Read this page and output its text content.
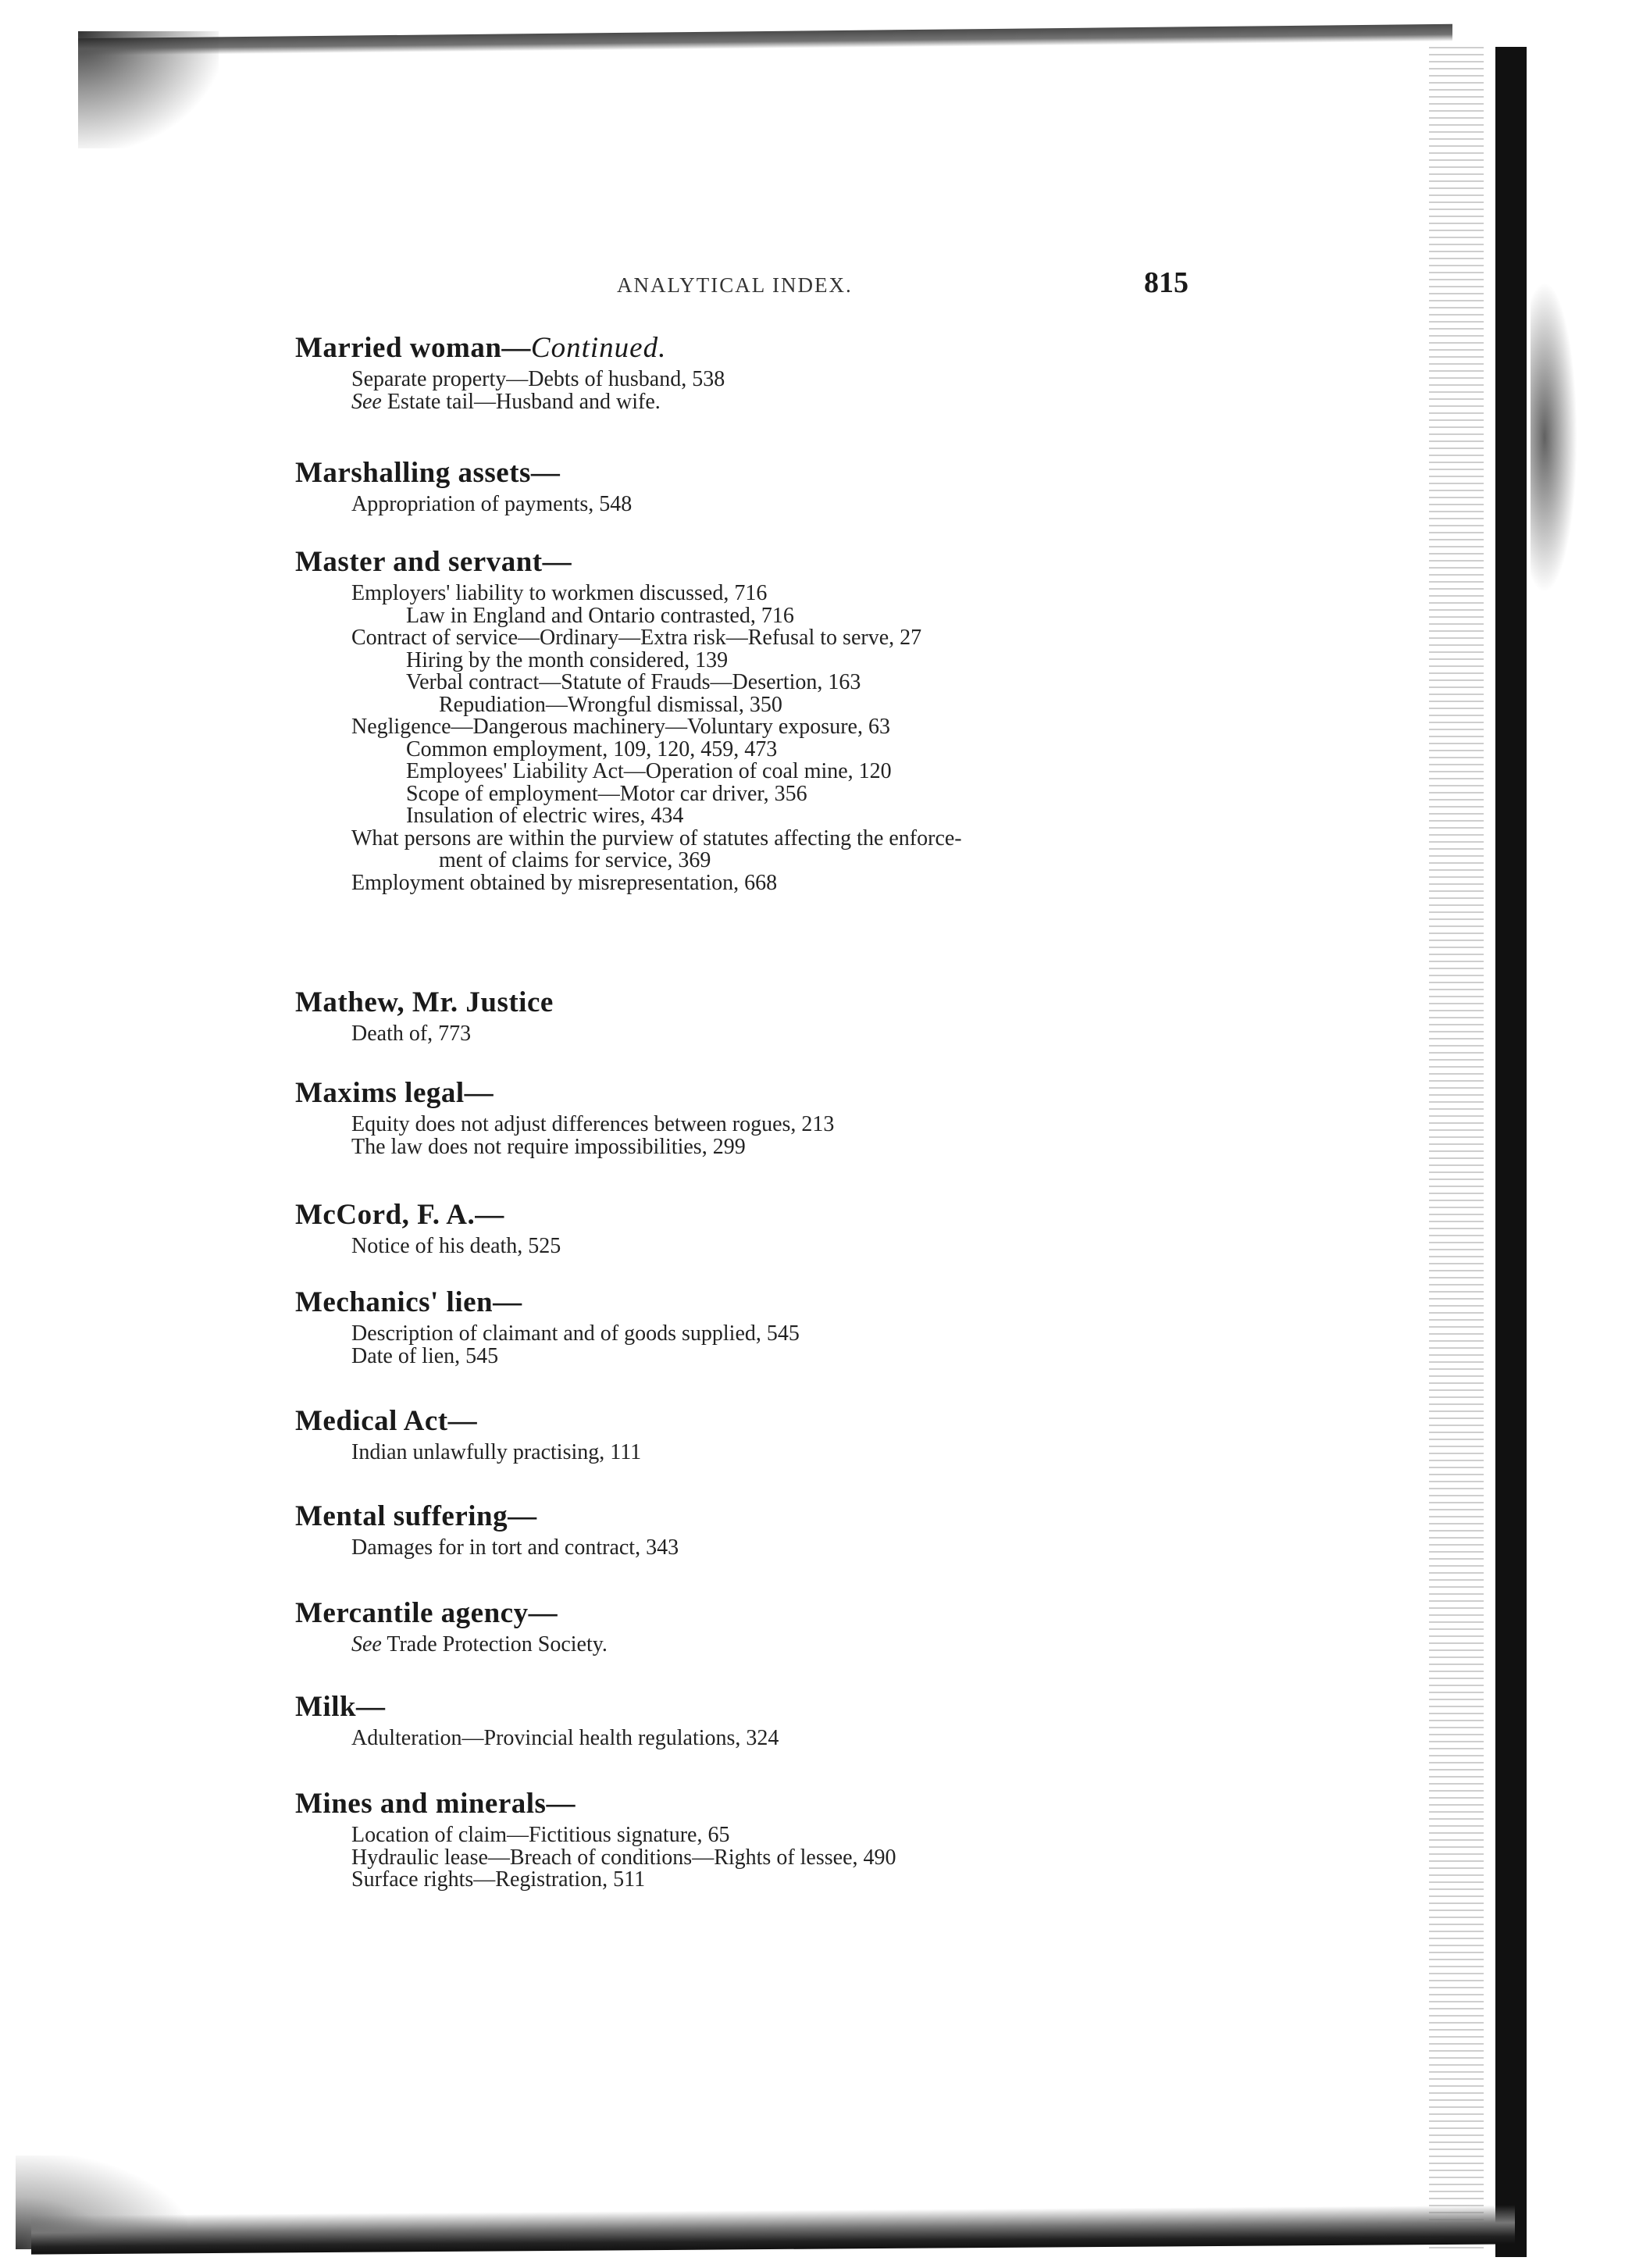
ANALYTICAL INDEX.	815
Married woman—Continued.
Separate property—Debts of husband, 538
See Estate tail—Husband and wife.
Marshalling assets—
Appropriation of payments, 548
Master and servant—
Employers' liability to workmen discussed, 716
Law in England and Ontario contrasted, 716
Contract of service—Ordinary—Extra risk—Refusal to serve, 27
Hiring by the month considered, 139
Verbal contract—Statute of Frauds—Desertion, 163
Repudiation—Wrongful dismissal, 350
Negligence—Dangerous machinery—Voluntary exposure, 63
Common employment, 109, 120, 459, 473
Employees' Liability Act—Operation of coal mine, 120
Scope of employment—Motor car driver, 356
Insulation of electric wires, 434
What persons are within the purview of statutes affecting the enforce-
ment of claims for service, 369
Employment obtained by misrepresentation, 668
Mathew, Mr. Justice
Death of, 773
Maxims legal—
Equity does not adjust differences between rogues, 213
The law does not require impossibilities, 299
McCord, F. A.—
Notice of his death, 525
Mechanics' lien—
Description of claimant and of goods supplied, 545
Date of lien, 545
Medical Act—
Indian unlawfully practising, 111
Mental suffering—
Damages for in tort and contract, 343
Mercantile agency—
See Trade Protection Society.
Milk—
Adulteration—Provincial health regulations, 324
Mines and minerals—
Location of claim—Fictitious signature, 65
Hydraulic lease—Breach of conditions—Rights of lessee, 490
Surface rights—Registration, 511
